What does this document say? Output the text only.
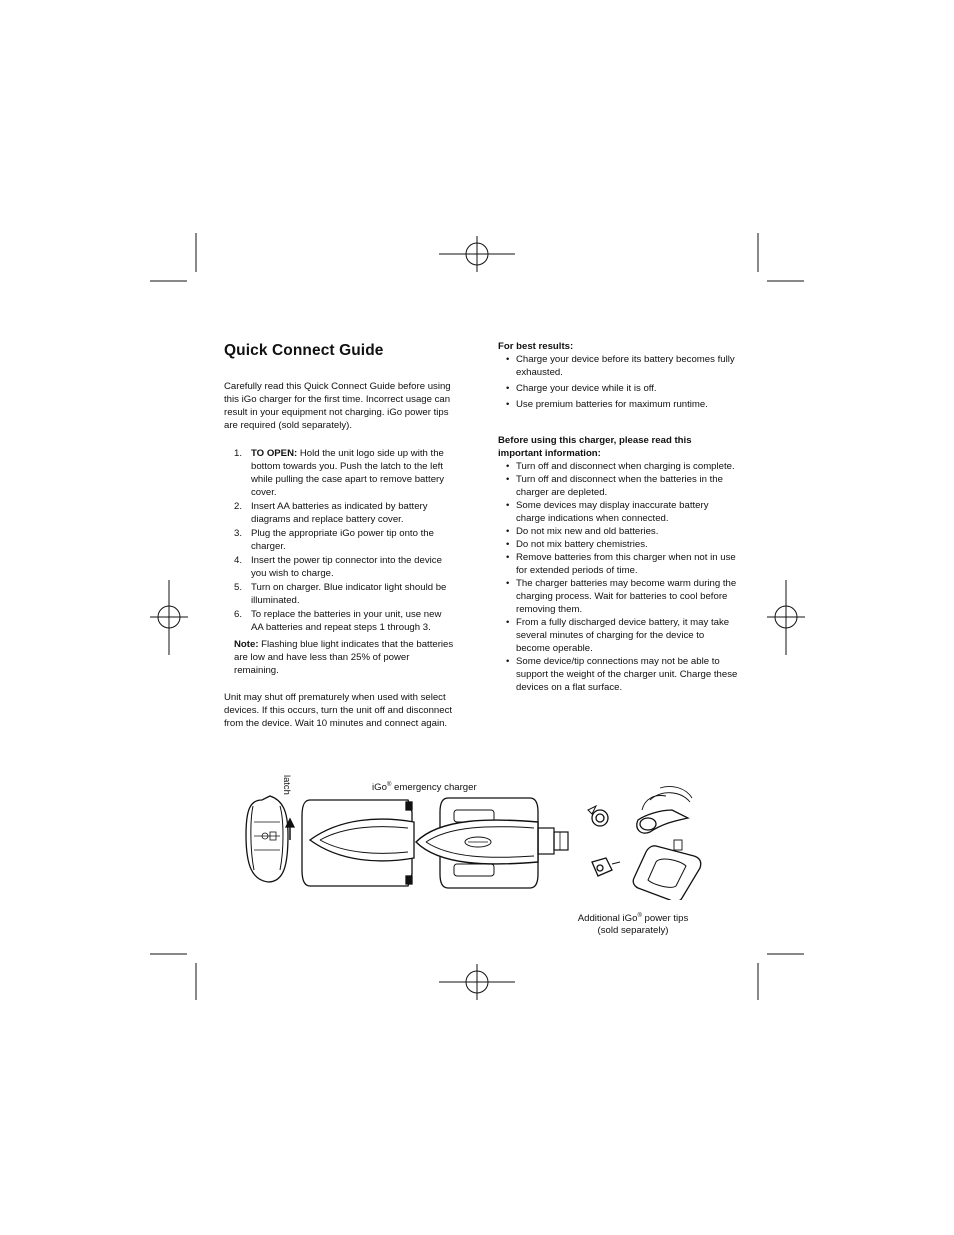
Quick Connect Guide

Carefully read this Quick Connect Guide before using this iGo charger for the first time. Incorrect usage can result in your equipment not charging. iGo power tips are required (sold separately).

1. TO OPEN: Hold the unit logo side up with the bottom towards you. Push the latch to the left while pulling the case apart to remove battery cover.
2. Insert AA batteries as indicated by battery diagrams and replace battery cover.
3. Plug the appropriate iGo power tip onto the charger.
4. Insert the power tip connector into the device you wish to charge.
5. Turn on charger. Blue indicator light should be illuminated.
6. To replace the batteries in your unit, use new AA batteries and repeat steps 1 through 3.

Note: Flashing blue light indicates that the batteries are low and have less than 25% of power remaining.

Unit may shut off prematurely when used with select devices. If this occurs, turn the unit off and disconnect from the device. Wait 10 minutes and connect again.

For best results:

• Charge your device before its battery becomes fully exhausted.
• Charge your device while it is off.
• Use premium batteries for maximum runtime.

Before using this charger, please read this important information:

• Turn off and disconnect when charging is complete.
• Turn off and disconnect when the batteries in the charger are depleted.
• Some devices may display inaccurate battery charge indications when connected.
• Do not mix new and old batteries.
• Do not mix battery chemistries.
• Remove batteries from this charger when not in use for extended periods of time.
• The charger batteries may become warm during the charging process. Wait for batteries to cool before removing them.
• From a fully discharged device battery, it may take several minutes of charging for the device to become operable.
• Some device/tip connections may not be able to support the weight of the charger unit. Charge these devices on a flat surface.
latch	iGo® emergency charger
Additional iGo® power tips
(sold separately)
